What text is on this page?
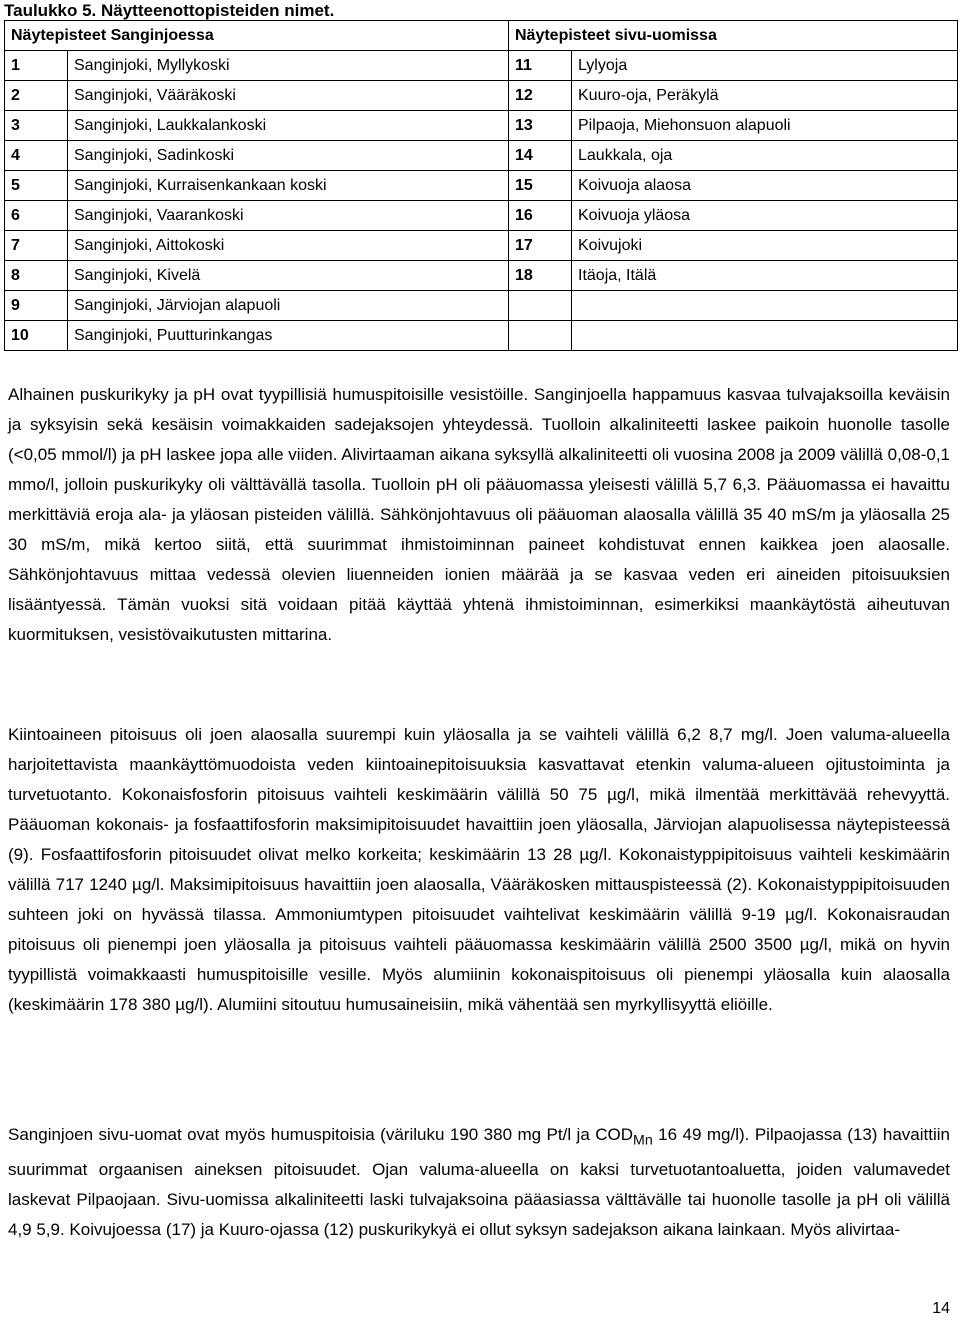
Taulukko 5. Näytteenottopisteiden nimet.
Näytepisteet Sanginjoessa		Näytepisteet sivu-uomissa	
1	Sanginjoki, Myllykoski	11	Lylyoja
2	Sanginjoki, Vääräkoski	12	Kuuro-oja, Peräkylä
3	Sanginjoki, Laukkalankoski	13	Pilpaoja, Miehonsuon alapuoli
4	Sanginjoki, Sadinkoski	14	Laukkala, oja
5	Sanginjoki, Kurraisenkankaan koski	15	Koivuoja alaosa
6	Sanginjoki, Vaarankoski	16	Koivuoja yläosa
7	Sanginjoki, Aittokoski	17	Koivujoki
8	Sanginjoki, Kivelä	18	Itäoja, Itälä
9	Sanginjoki, Järviojan alapuoli		
10	Sanginjoki, Puutturinkangas		

Alhainen puskurikyky ja pH ovat tyypillisiä humuspitoisille vesistöille. Sanginjoella happamuus kasvaa tulvajaksoilla keväisin ja syksyisin sekä kesäisin voimakkaiden sadejaksojen yhteydessä. Tuolloin alkaliniteetti laskee paikoin huonolle tasolle (<0,05 mmol/l) ja pH laskee jopa alle viiden. Alivirtaaman aikana syksyllä alkaliniteetti oli vuosina 2008 ja 2009 välillä 0,08-0,1 mmo/l, jolloin puskurikyky oli välttävällä tasolla. Tuolloin pH oli pääuomassa yleisesti välillä 5,7 6,3. Pääuomassa ei havaittu merkittäviä eroja ala- ja yläosan pisteiden välillä. Sähkönjohtavuus oli pääuoman alaosalla välillä 35 40 mS/m ja yläosalla 25 30 mS/m, mikä kertoo siitä, että suurimmat ihmistoiminnan paineet kohdistuvat ennen kaikkea joen alaosalle. Sähkönjohtavuus mittaa vedessä olevien liuenneiden ionien määrää ja se kasvaa veden eri aineiden pitoisuuksien lisääntyessä. Tämän vuoksi sitä voidaan pitää käyttää yhtenä ihmistoiminnan, esimerkiksi maankäytöstä aiheutuvan kuormituksen, vesistövaikutusten mittarina.

Kiintoaineen pitoisuus oli joen alaosalla suurempi kuin yläosalla ja se vaihteli välillä 6,2 8,7 mg/l. Joen valuma-alueella harjoitettavista maankäyttömuodoista veden kiintoainepitoisuuksia kasvattavat etenkin valuma-alueen ojitustoiminta ja turvetuotanto. Kokonaisfosforin pitoisuus vaihteli keskimäärin välillä 50 75 µg/l, mikä ilmentää merkittävää rehevyyttä. Pääuoman kokonais- ja fosfaattifosforin maksimipitoisuudet havaittiin joen yläosalla, Järviojan alapuolisessa näytepisteessä (9). Fosfaattifosforin pitoisuudet olivat melko korkeita; keskimäärin 13 28 µg/l. Kokonaistyppipitoisuus vaihteli keskimäärin välillä 717 1240 µg/l. Maksimipitoisuus havaittiin joen alaosalla, Vääräkosken mittauspisteessä (2). Kokonaistyppipitoisuuden suhteen joki on hyvässä tilassa. Ammoniumtypen pitoisuudet vaihtelivat keskimäärin välillä 9-19 µg/l. Kokonaisraudan pitoisuus oli pienempi joen yläosalla ja pitoisuus vaihteli pääuomassa keskimäärin välillä 2500 3500 µg/l, mikä on hyvin tyypillistä voimakkaasti humuspitoisille vesille. Myös alumiinin kokonaispitoisuus oli pienempi yläosalla kuin alaosalla (keskimäärin 178 380 µg/l). Alumiini sitoutuu humusaineisiin, mikä vähentää sen myrkyllisyyttä eliöille.

Sanginjoen sivu-uomat ovat myös humuspitoisia (väriluku 190 380 mg Pt/l ja $COD_{Mn}$ 16 49 mg/l). Pilpaojassa (13) havaittiin suurimmat orgaanisen aineksen pitoisuudet. Ojan valuma-alueella on kaksi turvetuotantoaluetta, joiden valumavedet laskevat Pilpaojaan. Sivu-uomissa alkaliniteetti laski tulvajaksoina pääasiassa välttävälle tai huonolle tasolle ja pH oli välillä 4,9 5,9. Koivujoessa (17) ja Kuuro-ojassa (12) puskurikykyä ei ollut syksyn sadejakson aikana lainkaan. Myös alivirtaa-

14
